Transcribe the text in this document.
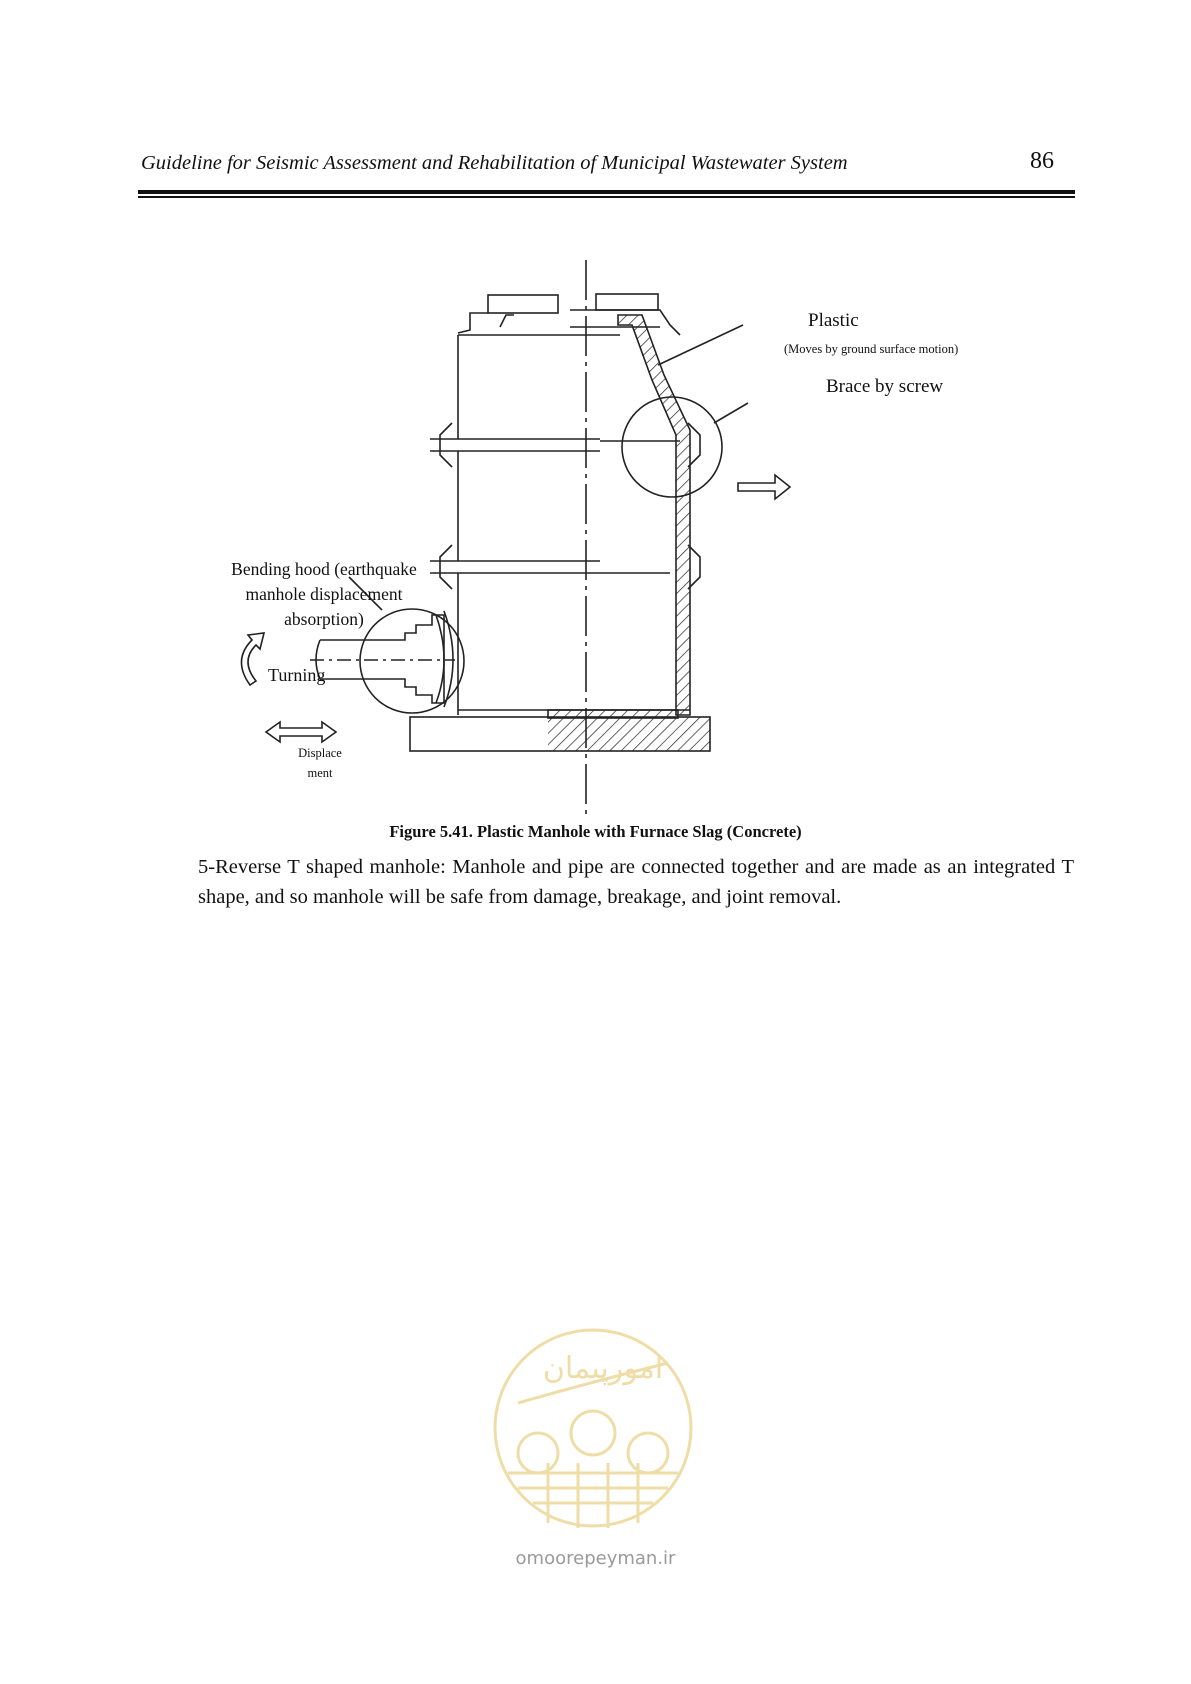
Guideline for Seismic Assessment and Rehabilitation of Municipal Wastewater System	86
Plastic
(Moves by ground surface motion)
Brace by screw
Bending hood (earthquake manhole displacement absorption)
Turning
Displace ment
Figure 5.41. Plastic Manhole with Furnace Slag (Concrete)
5-Reverse T shaped manhole: Manhole and pipe are connected together and are made as an integrated T shape, and so manhole will be safe from damage, breakage, and joint removal.
امورپیمان
omoorepeyman.ir
